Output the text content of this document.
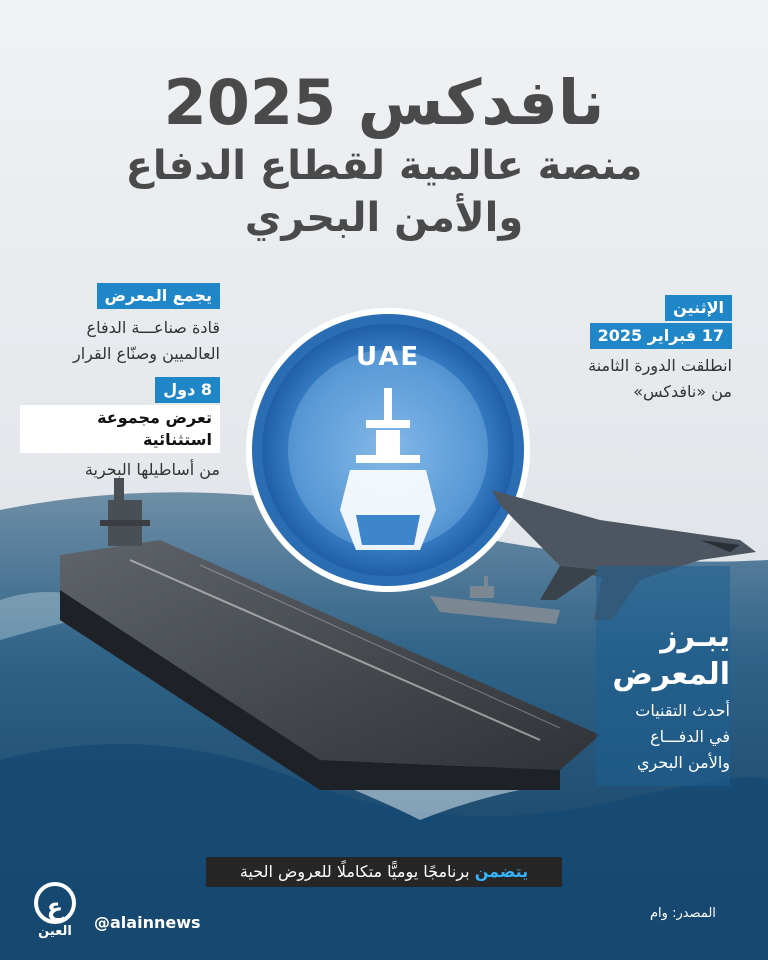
نافدكس 2025
منصة عالمية لقطاع الدفاع
والأمن البحري
UAE
الإثنين
17 فبراير 2025
انطلقت الدورة الثامنة
من «نافدكس»
يجمع المعرض
قادة صناعـــة الدفاع
العالميين وصنّاع القرار
8 دول
تعرض مجموعة استثنائية
من أساطيلها البحرية
يبـرز
المعرض
أحدث التقنيات
في الدفـــاع
والأمن البحري
يتضمن برنامجًا يوميًّا متكاملًا للعروض الحية
ع
العين	@alainnews	المصدر: وام
